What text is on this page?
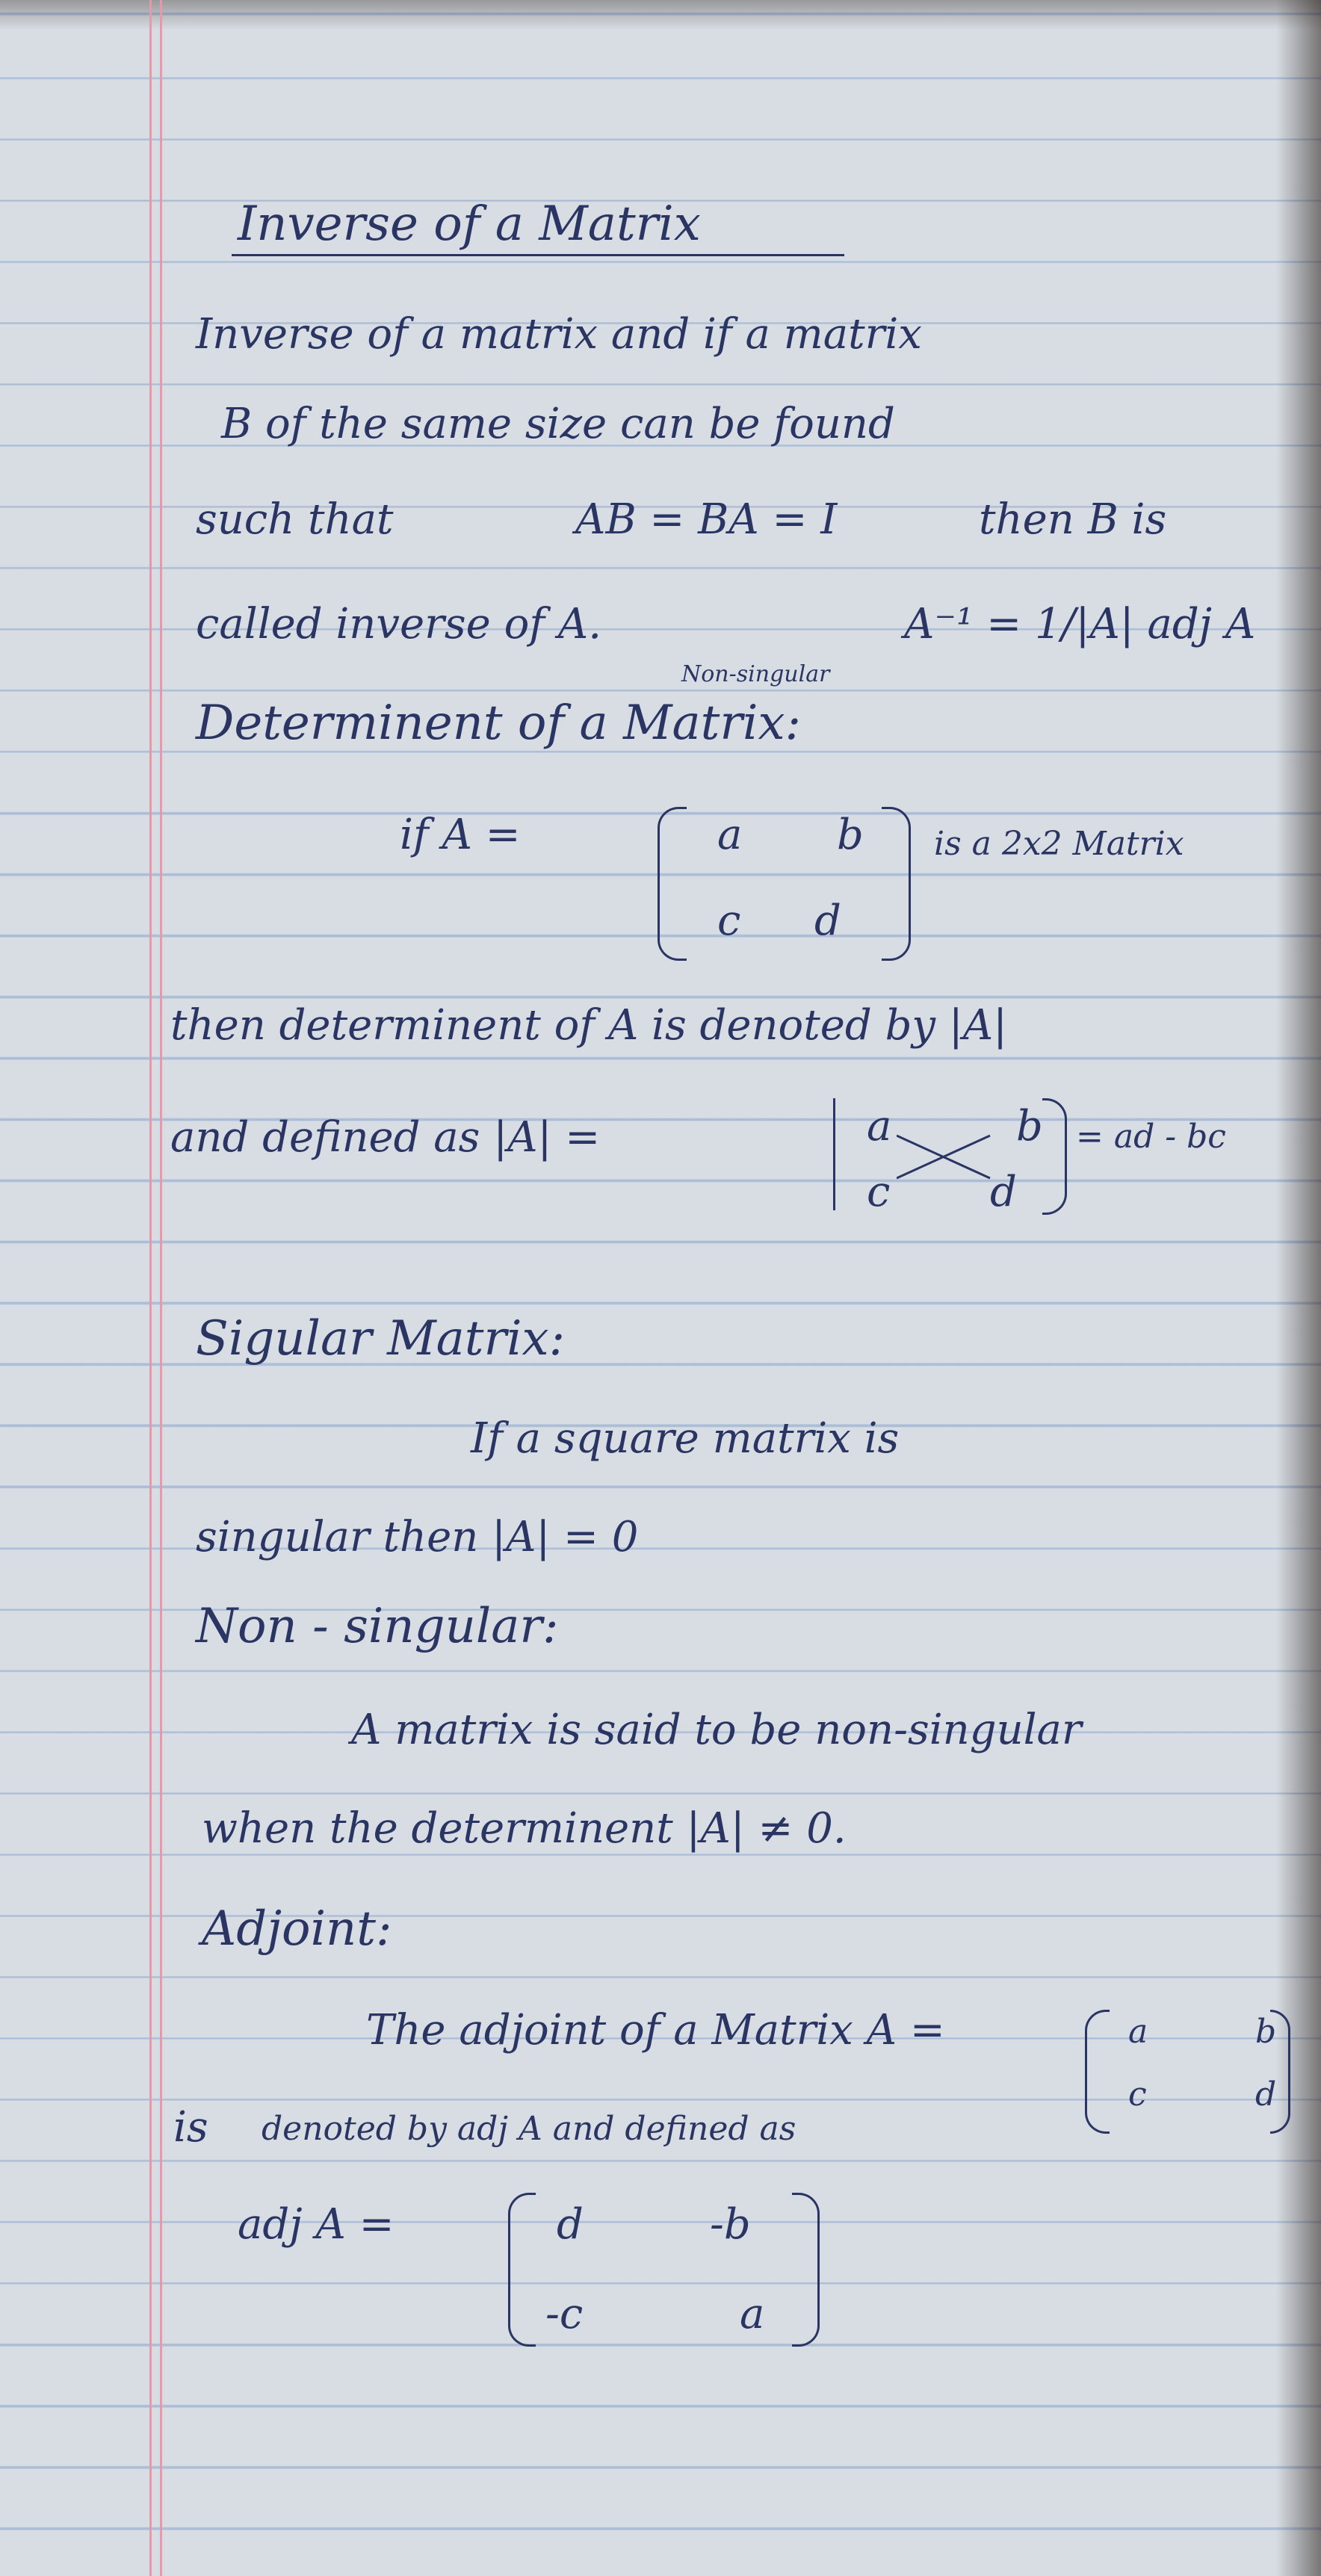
Inverse of a Matrix
Inverse of a matrix and if a matrix
B of the same size can be found
such that	AB = BA = I	then B is
called inverse of A.	A⁻¹ = 1/|A| adj A
Non-singular
Determinent of a Matrix:
if A =	a b
c d
is a 2x2 Matrix
then determinent of A is denoted by |A|
and defined as |A| =	a	b
c d
= ad - bc
Sigular Matrix:
If a square matrix is
singular then |A| = 0
Non - singular:
A matrix is said to be non-singular
when the determinent |A| ≠ 0.
Adjoint:
The adjoint of a Matrix A =	a	b
c	d
is denoted by adj A and defined as
adj A =	d	-b
-c	a
